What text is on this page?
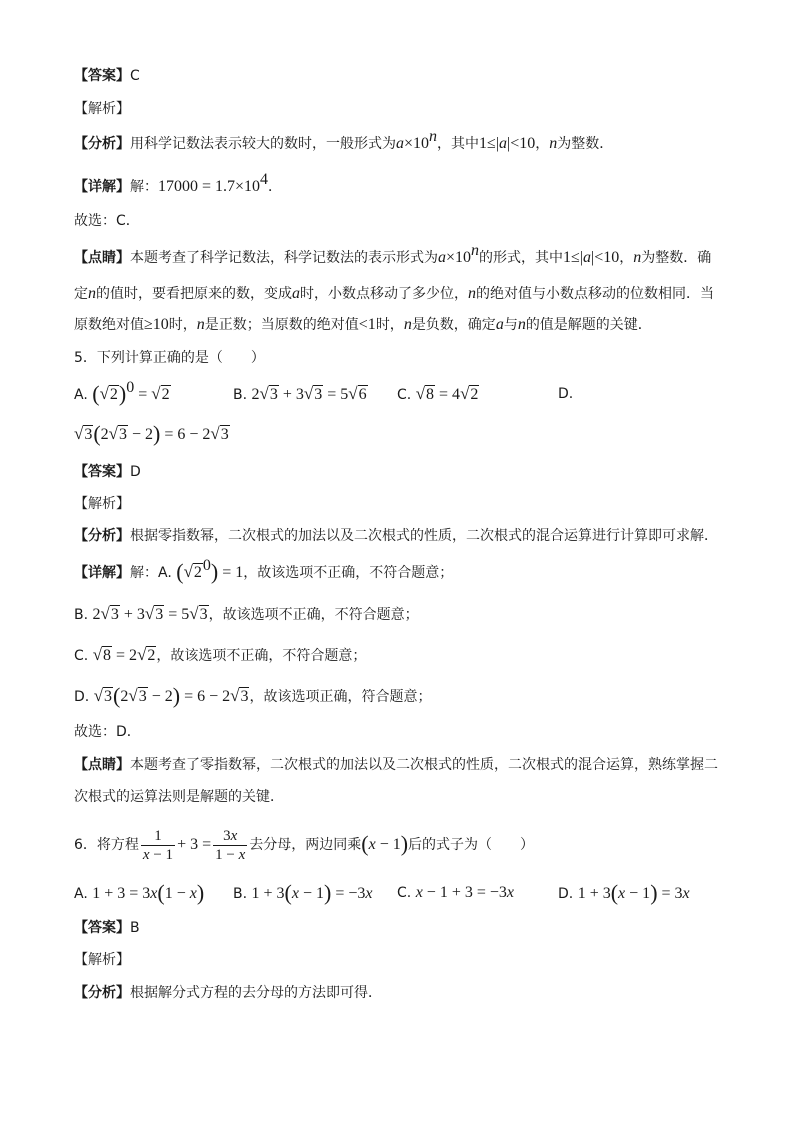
【答案】C
【解析】
【分析】用科学记数法表示较大的数时，一般形式为$a\times 10^n$，其中1≤|a|<10，n为整数．
【详解】解：$17000 = 1.7\times 10^4$．
故选：C．
【点睛】本题考查了科学记数法，科学记数法的表示形式为$a\times 10^n$的形式，其中1≤|a|<10，n为整数．确
定n的值时，要看把原来的数，变成a时，小数点移动了多少位，n的绝对值与小数点移动的位数相同．当
原数绝对值≥10时，n是正数；当原数的绝对值<1时，n是负数，确定a与n的值是解题的关键．
5．下列计算正确的是（　　）
A. $(√2)^0 = √2$	B. 2√3 + 3√3 = 5√6 C. √8 = 4√2	D.
√3(2√3 − 2) = 6 − 2√3
【答案】D
【解析】
【分析】根据零指数幂，二次根式的加法以及二次根式的性质，二次根式的混合运算进行计算即可求解．
【详解】解：A. $(√2^0) = 1$，故该选项不正确，不符合题意；
B. 2√3 + 3√3 = 5√3，故该选项不正确，不符合题意；
C. √8 = 2√2，故该选项不正确，不符合题意；
D. √3(2√3 − 2) = 6 − 2√3，故该选项正确，符合题意；
故选：D．
【点睛】本题考查了零指数幂，二次根式的加法以及二次根式的性质，二次根式的混合运算，熟练掌握二
次根式的运算法则是解题的关键．
6．将方程 $\frac{1}{x - 1} + 3 = \frac{3x}{1 - x}$ 去分母，两边同乘(x − 1)后的式子为（　　）
A. 1 + 3 = 3x(1 − x) B. 1 + 3(x − 1) = −3x C. x − 1 + 3 = −3x	D. 1 + 3(x − 1) = 3x
【答案】B
【解析】
【分析】根据解分式方程的去分母的方法即可得．
